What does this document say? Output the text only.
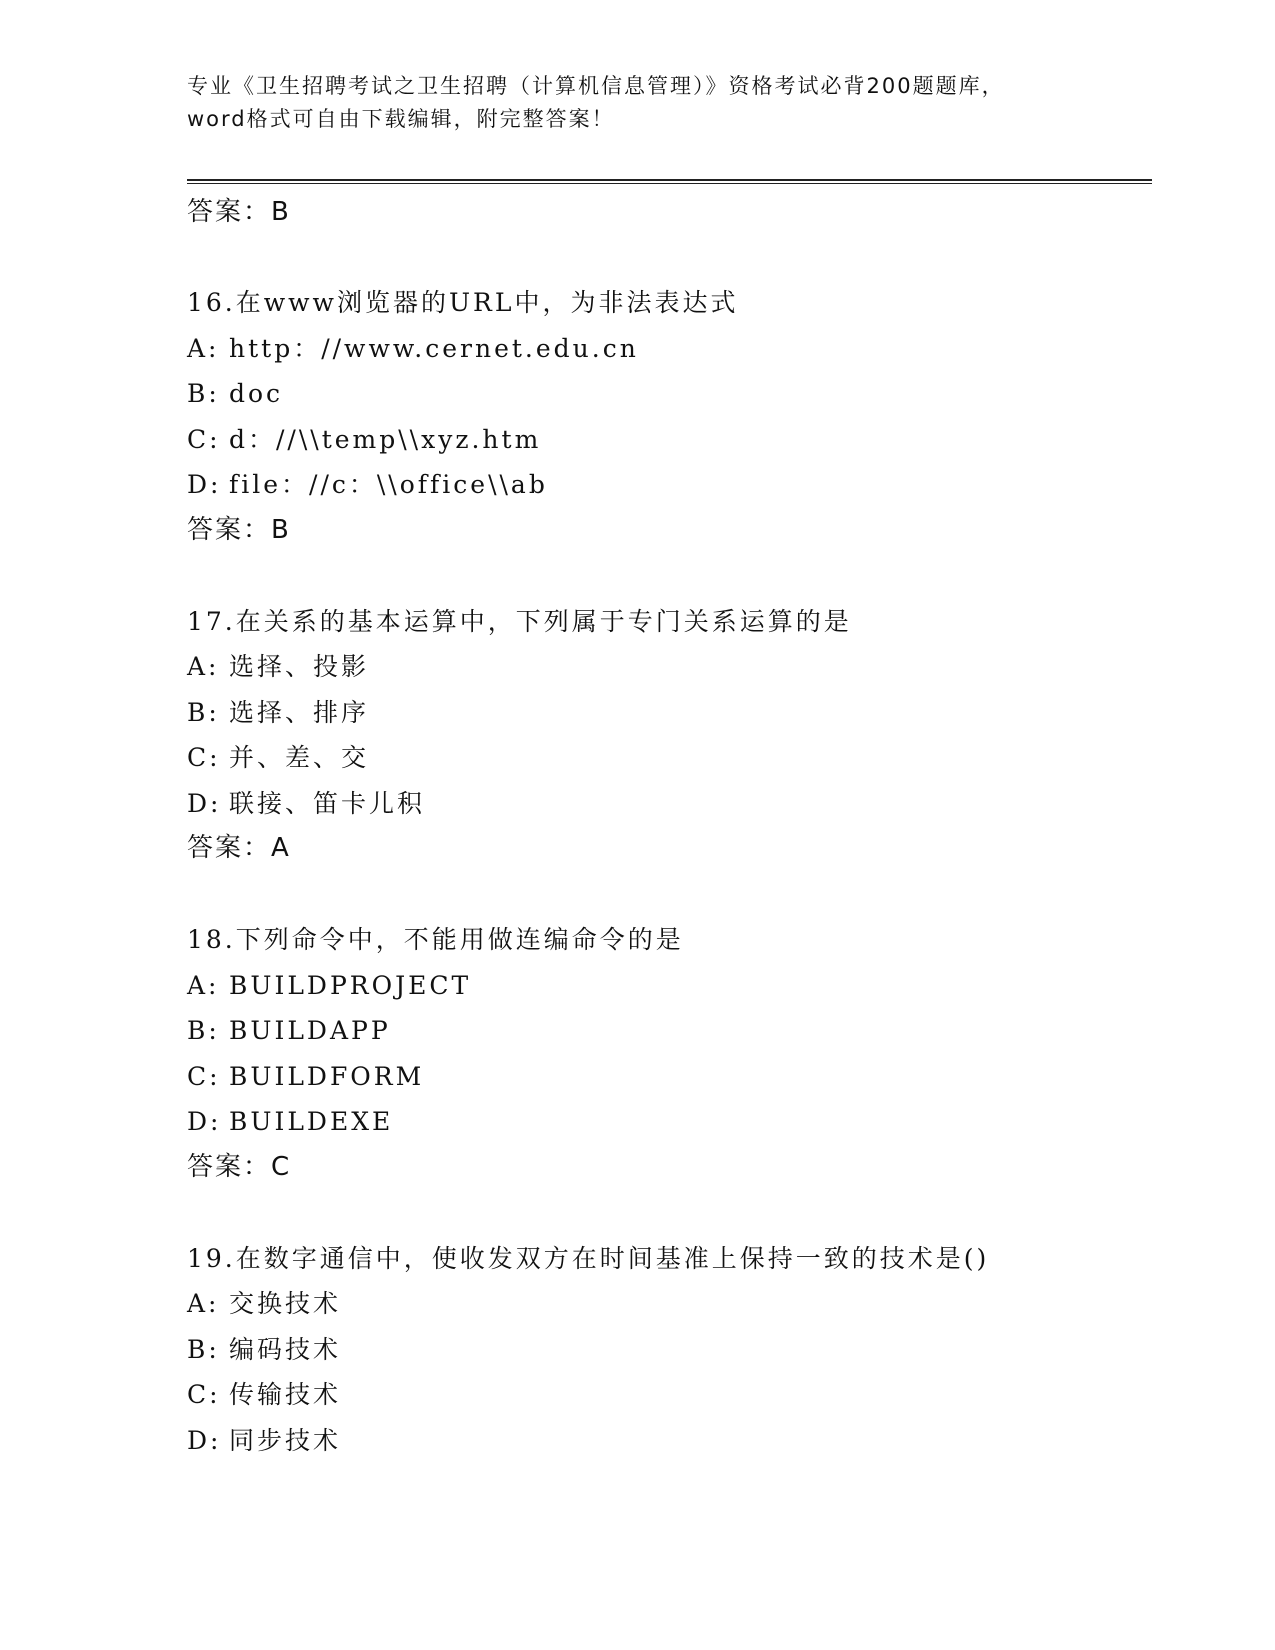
专业《卫生招聘考试之卫生招聘（计算机信息管理）》资格考试必背200题题库，
word格式可自由下载编辑，附完整答案！
答案：B
16.在www浏览器的URL中，为非法表达式
A: http：//www.cernet.edu.cn
B: doc
C: d：//\\temp\\xyz.htm
D: file：//c：\\office\\ab
答案：B
17.在关系的基本运算中，下列属于专门关系运算的是
A: 选择、投影
B: 选择、排序
C: 并、差、交
D: 联接、笛卡儿积
答案：A
18.下列命令中，不能用做连编命令的是
A: BUILDPROJECT
B: BUILDAPP
C: BUILDFORM
D: BUILDEXE
答案：C
19.在数字通信中，使收发双方在时间基准上保持一致的技术是()
A: 交换技术
B: 编码技术
C: 传输技术
D: 同步技术
